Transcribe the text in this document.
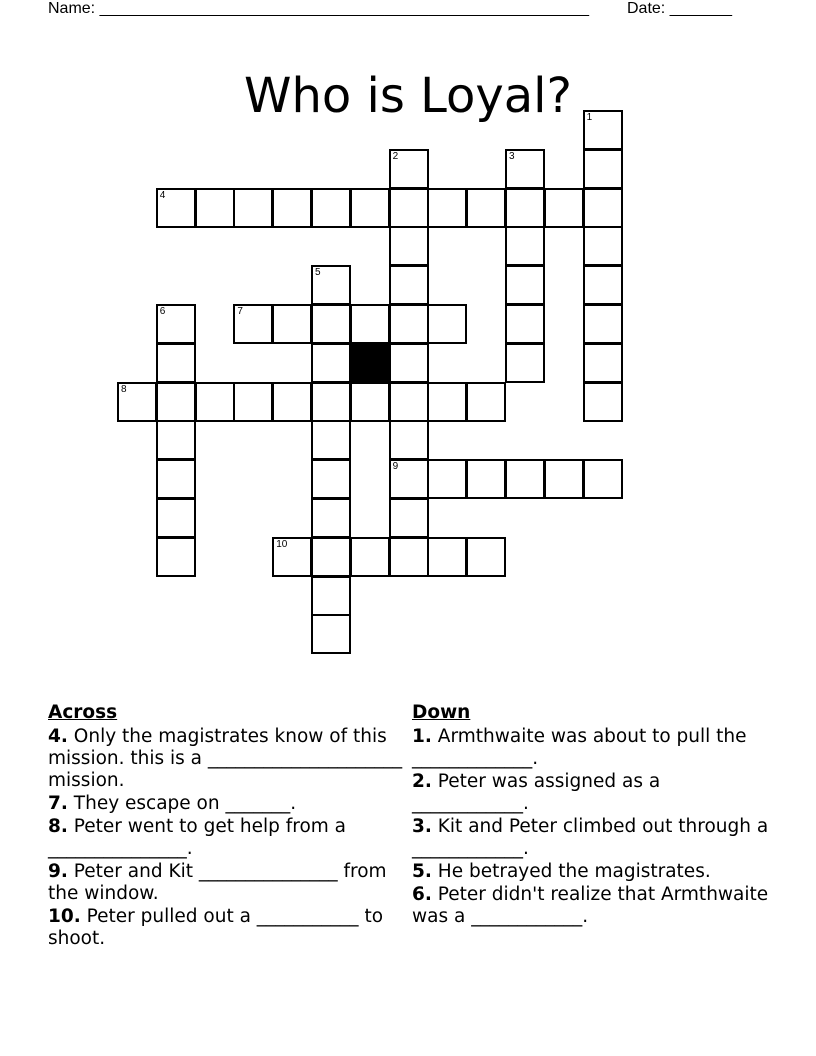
Name: _______________________________________________________ Date: _______
Who is Loyal?	1
2	3
4
5
6	7
8
9
10
Across
4. Only the magistrates know of this mission. this is a _____________________ mission.
7. They escape on _______.
8. Peter went to get help from a _______________.
9. Peter and Kit _______________ from the window.
10. Peter pulled out a ___________ to shoot.
Down
1. Armthwaite was about to pull the _____________.
2. Peter was assigned as a ____________.
3. Kit and Peter climbed out through a ____________.
5. He betrayed the magistrates.
6. Peter didn't realize that Armthwaite was a ____________.
